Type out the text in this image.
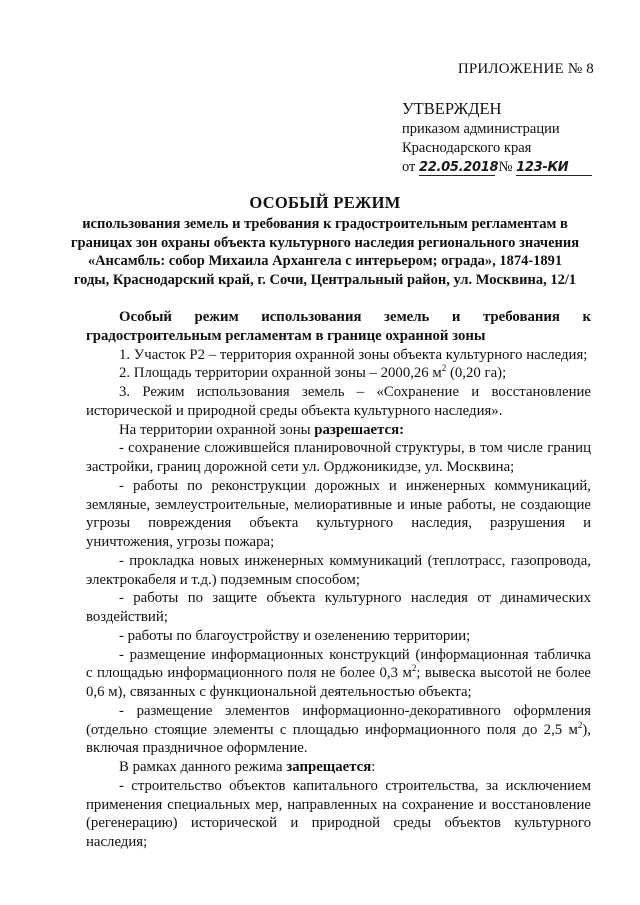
ПРИЛОЖЕНИЕ № 8
УТВЕРЖДЕН
приказом администрации
Краснодарского края
от 22.05.2018 № 123-КИ
ОСОБЫЙ РЕЖИМ
использования земель и требования к градостроительным регламентам в границах зон охраны объекта культурного наследия регионального значения «Ансамбль: собор Михаила Архангела с интерьером; ограда», 1874-1891 годы, Краснодарский край, г. Сочи, Центральный район, ул. Москвина, 12/1

Особый режим использования земель и требования к градостроительным регламентам в границе охранной зоны

1. Участок Р2 – территория охранной зоны объекта культурного наследия;

2. Площадь территории охранной зоны – 2000,26 $м^2$ (0,20 га);

3. Режим использования земель – «Сохранение и восстановление исторической и природной среды объекта культурного наследия».

На территории охранной зоны разрешается:

- сохранение сложившейся планировочной структуры, в том числе границ застройки, границ дорожной сети ул. Орджоникидзе, ул. Москвина;

- работы по реконструкции дорожных и инженерных коммуникаций, земляные, землеустроительные, мелиоративные и иные работы, не создающие угрозы повреждения объекта культурного наследия, разрушения и уничтожения, угрозы пожара;

- прокладка новых инженерных коммуникаций (теплотрасс, газопровода, электрокабеля и т.д.) подземным способом;

- работы по защите объекта культурного наследия от динамических воздействий;

- работы по благоустройству и озеленению территории;

- размещение информационных конструкций (информационная табличка с площадью информационного поля не более 0,3 $м^2$; вывеска высотой не более 0,6 м), связанных с функциональной деятельностью объекта;

- размещение элементов информационно-декоративного оформления (отдельно стоящие элементы с площадью информационного поля до 2,5 $м^2$), включая праздничное оформление.

В рамках данного режима запрещается:

- строительство объектов капитального строительства, за исключением применения специальных мер, направленных на сохранение и восстановление (регенерацию) исторической и природной среды объектов культурного наследия;
